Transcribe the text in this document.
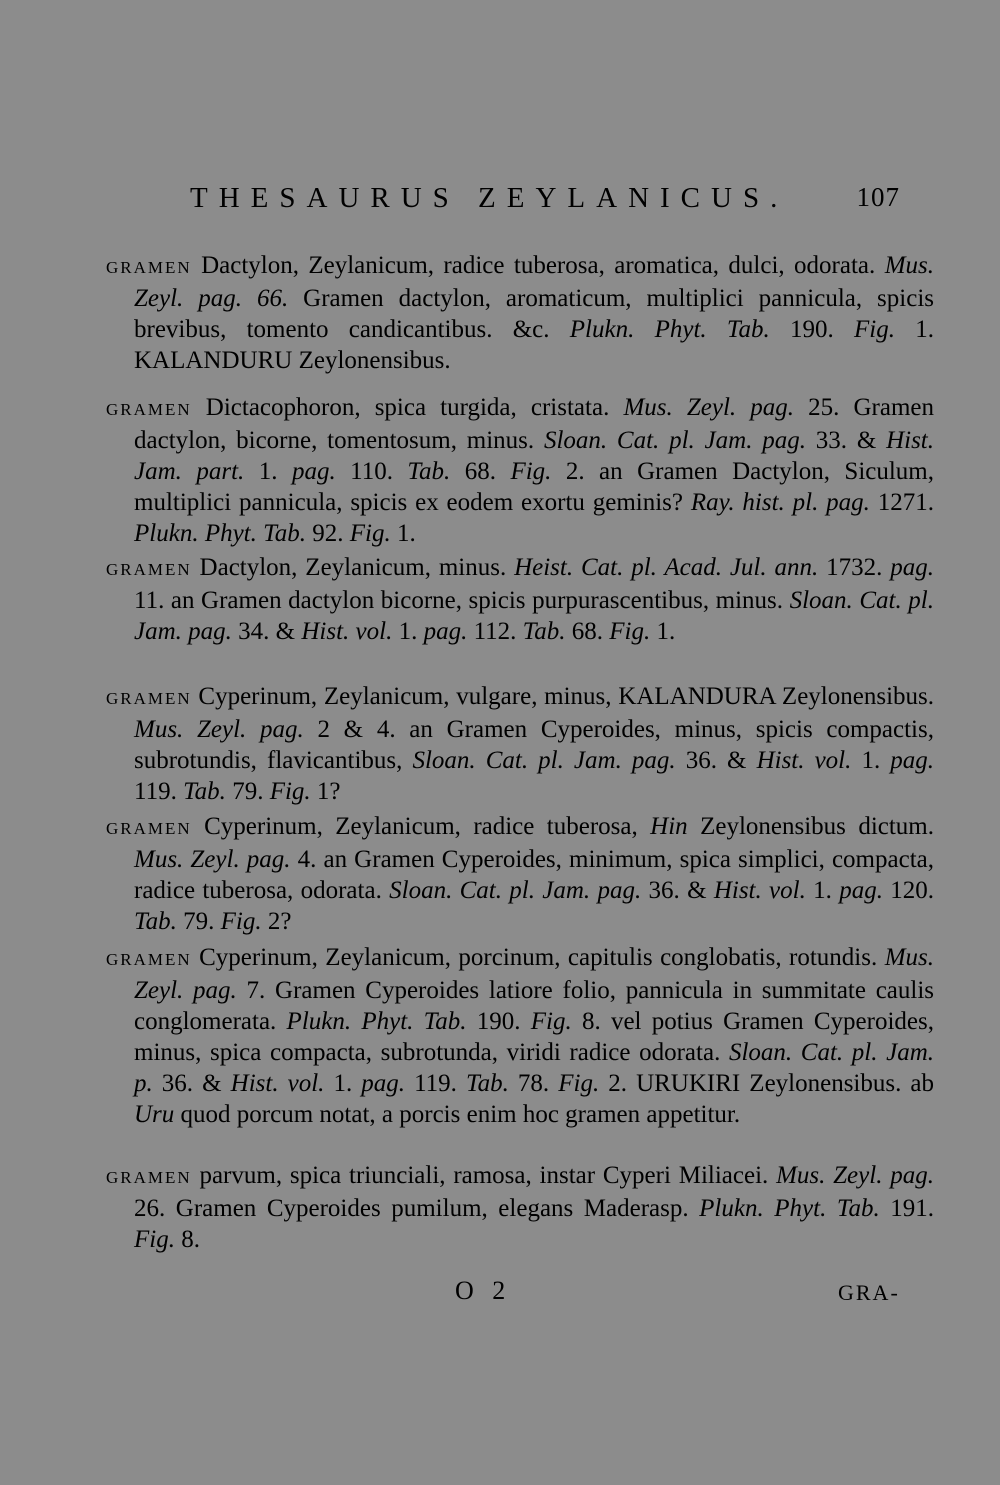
THESAURUS ZEYLANICUS.	107
GRAMEN Dactylon, Zeylanicum, radice tuberosa, aromatica, dulci, odorata. Mus. Zeyl. pag. 66. Gramen dactylon, aromaticum, multiplici pannicula, spicis brevibus, tomento candicantibus. &c. Plukn. Phyt. Tab. 190. Fig. 1. KALANDURU Zeylonensibus.
GRAMEN Dictacophoron, spica turgida, cristata. Mus. Zeyl. pag. 25. Gramen dactylon, bicorne, tomentosum, minus. Sloan. Cat. pl. Jam. pag. 33. & Hist. Jam. part. 1. pag. 110. Tab. 68. Fig. 2. an Gramen Dactylon, Siculum, multiplici pannicula, spicis ex eodem exortu geminis? Ray. hist. pl. pag. 1271. Plukn. Phyt. Tab. 92. Fig. 1.
GRAMEN Dactylon, Zeylanicum, minus. Heist. Cat. pl. Acad. Jul. ann. 1732. pag. 11. an Gramen dactylon bicorne, spicis purpurascentibus, minus. Sloan. Cat. pl. Jam. pag. 34. & Hist. vol. 1. pag. 112. Tab. 68. Fig. 1.
GRAMEN Cyperinum, Zeylanicum, vulgare, minus, KALANDURA Zeylonensibus. Mus. Zeyl. pag. 2 & 4. an Gramen Cyperoides, minus, spicis compactis, subrotundis, flavicantibus, Sloan. Cat. pl. Jam. pag. 36. & Hist. vol. 1. pag. 119. Tab. 79. Fig. 1?
GRAMEN Cyperinum, Zeylanicum, radice tuberosa, Hin Zeylonensibus dictum. Mus. Zeyl. pag. 4. an Gramen Cyperoides, minimum, spica simplici, compacta, radice tuberosa, odorata. Sloan. Cat. pl. Jam. pag. 36. & Hist. vol. 1. pag. 120. Tab. 79. Fig. 2?
GRAMEN Cyperinum, Zeylanicum, porcinum, capitulis conglobatis, rotundis. Mus. Zeyl. pag. 7. Gramen Cyperoides latiore folio, pannicula in summitate caulis conglomerata. Plukn. Phyt. Tab. 190. Fig. 8. vel potius Gramen Cyperoides, minus, spica compacta, subrotunda, viridi radice odorata. Sloan. Cat. pl. Jam. p. 36. & Hist. vol. 1. pag. 119. Tab. 78. Fig. 2. URUKIRI Zeylonensibus. ab Uru quod porcum notat, a porcis enim hoc gramen appetitur.
GRAMEN parvum, spica triunciali, ramosa, instar Cyperi Miliacei. Mus. Zeyl. pag. 26. Gramen Cyperoides pumilum, elegans Maderasp. Plukn. Phyt. Tab. 191. Fig. 8.
O 2	GRA-
